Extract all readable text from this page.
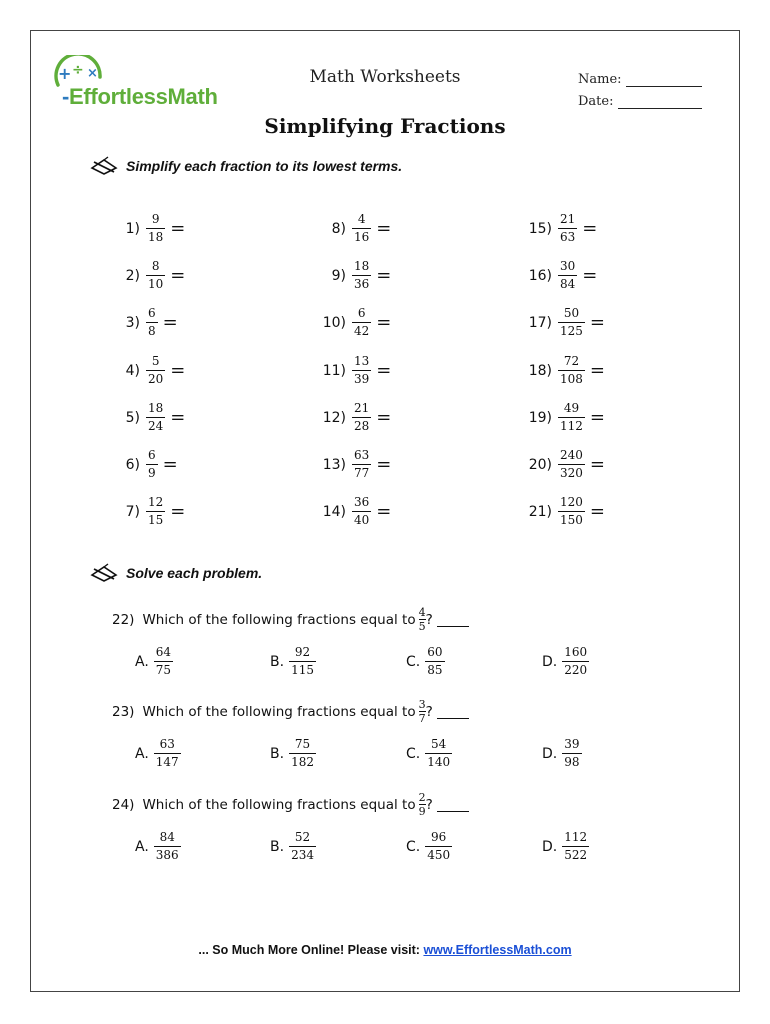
+ ÷ ×
-EffortlessMath
Math Worksheets	Name:
Date:
Simplifying Fractions
Simplify each fraction to its lowest terms.
$1) \frac{9}{18}$ =
$2) \frac{8}{10}$ =
$3) \frac{6}{8}$ =
$4) \frac{5}{20}$ =
$5) \frac{18}{24}$ =
$6) \frac{6}{9}$ =
$7) \frac{12}{15}$ =
$8) \frac{4}{16}$ =
$9) \frac{18}{36}$ =
$10) \frac{6}{42}$ =
$11) \frac{13}{39}$ =
$12) \frac{21}{28}$ =
$13) \frac{63}{77}$ =
$14) \frac{36}{40}$ =
$15) \frac{21}{63}$ =
$16) \frac{30}{84}$ =
$17) \frac{50}{125}$ =
$18) \frac{72}{108}$ =
$19) \frac{49}{112}$ =
$20) \frac{240}{320}$ =
$21) \frac{120}{150}$ =
Solve each problem.
22) Which of the following fractions equal to 4
5 ?
A. $\frac{64}{75}$	B. $\frac{92}{115}$	C. $\frac{60}{85}$	D. $\frac{160}{220}$
23) Which of the following fractions equal to 3
7 ?
A. $\frac{63}{147}$	B. $\frac{75}{182}$	C. $\frac{54}{140}$	D. $\frac{39}{98}$
24) Which of the following fractions equal to 2
9 ?
A. $\frac{84}{386}$	B. $\frac{52}{234}$	C. $\frac{96}{450}$	D. $\frac{112}{522}$
... So Much More Online! Please visit: www.EffortlessMath.com
